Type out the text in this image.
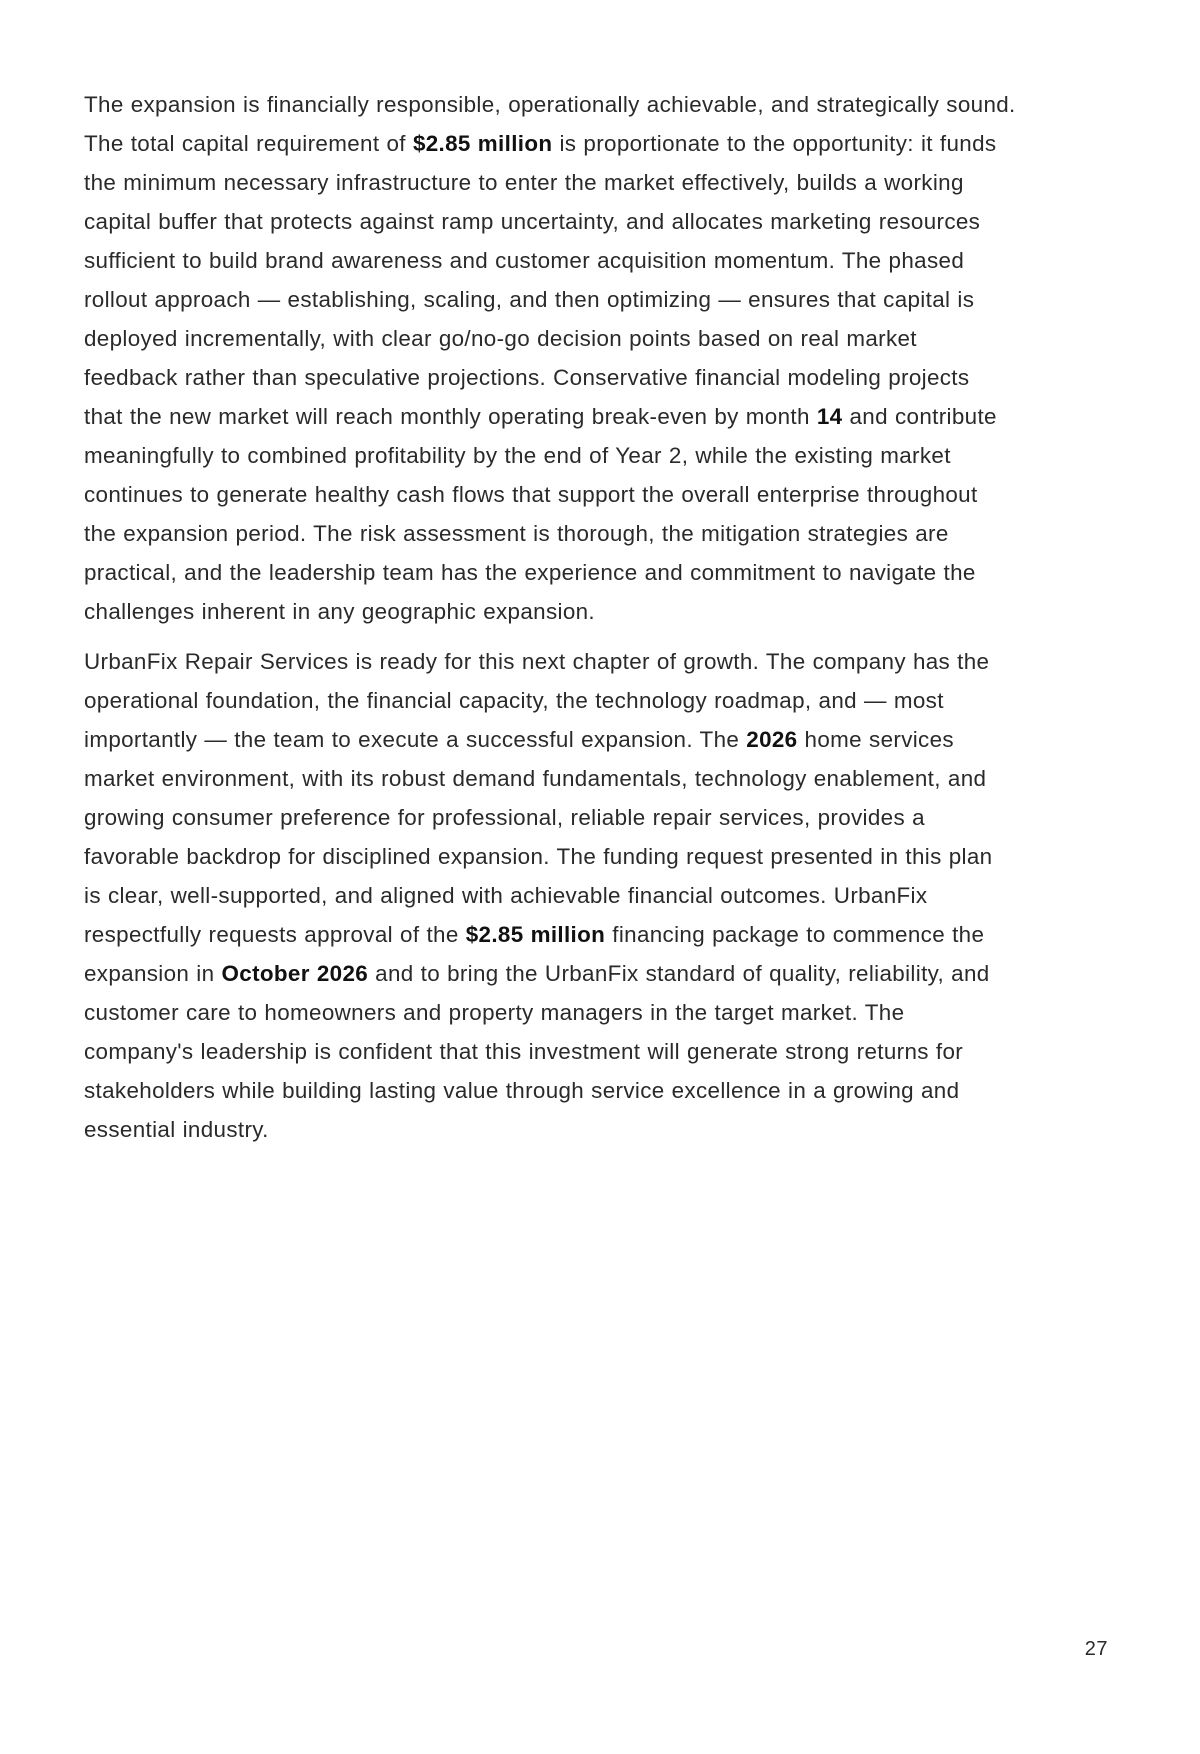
The expansion is financially responsible, operationally achievable, and strategically sound.
The total capital requirement of $2.85 million is proportionate to the opportunity: it funds
the minimum necessary infrastructure to enter the market effectively, builds a working
capital buffer that protects against ramp uncertainty, and allocates marketing resources
sufficient to build brand awareness and customer acquisition momentum. The phased
rollout approach — establishing, scaling, and then optimizing — ensures that capital is
deployed incrementally, with clear go/no-go decision points based on real market
feedback rather than speculative projections. Conservative financial modeling projects
that the new market will reach monthly operating break-even by month 14 and contribute
meaningfully to combined profitability by the end of Year 2, while the existing market
continues to generate healthy cash flows that support the overall enterprise throughout
the expansion period. The risk assessment is thorough, the mitigation strategies are
practical, and the leadership team has the experience and commitment to navigate the
challenges inherent in any geographic expansion.

UrbanFix Repair Services is ready for this next chapter of growth. The company has the
operational foundation, the financial capacity, the technology roadmap, and — most
importantly — the team to execute a successful expansion. The 2026 home services
market environment, with its robust demand fundamentals, technology enablement, and
growing consumer preference for professional, reliable repair services, provides a
favorable backdrop for disciplined expansion. The funding request presented in this plan
is clear, well-supported, and aligned with achievable financial outcomes. UrbanFix
respectfully requests approval of the $2.85 million financing package to commence the
expansion in October 2026 and to bring the UrbanFix standard of quality, reliability, and
customer care to homeowners and property managers in the target market. The
company's leadership is confident that this investment will generate strong returns for
stakeholders while building lasting value through service excellence in a growing and
essential industry.

27
